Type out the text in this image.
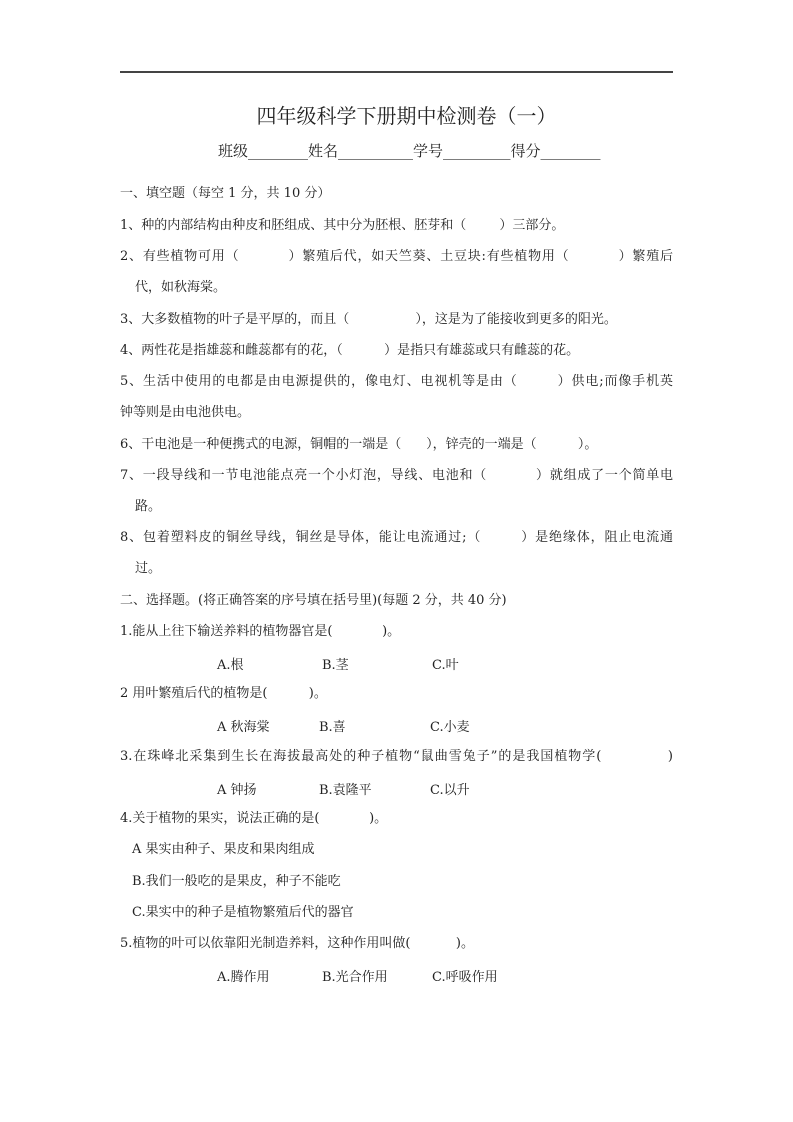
四年级科学下册期中检测卷（一）
班级________姓名__________学号_________得分________
一、填空题（每空 1 分，共 10 分）
1、种的内部结构由种皮和胚组成、其中分为胚根、胚芽和（        ）三部分。
2、有些植物可用（          ）繁殖后代，如天竺葵、土豆块:有些植物用（          ）繁殖后
代，如秋海棠。
3、大多数植物的叶子是平厚的，而且（                ），这是为了能接收到更多的阳光。
4、两性花是指雄蕊和雌蕊都有的花，（          ）是指只有雄蕊或只有雌蕊的花。
5、生活中使用的电都是由电源提供的，像电灯、电视机等是由（        ）供电;而像手机英
钟等则是由电池供电。
6、干电池是一种便携式的电源，铜帽的一端是（      ），锌壳的一端是（          ）。
7、一段导线和一节电池能点亮一个小灯泡，导线、电池和（          ）就组成了一个简单电
路。
8、包着塑料皮的铜丝导线，铜丝是导体，能让电流通过;（        ）是绝缘体，阻止电流通
过。
二、选择题。(将正确答案的序号填在括号里)(每题 2 分，共 40 分)
1.能从上往下输送养料的植物器官是(            )。
A.根	B.茎	C.叶
2 用叶繁殖后代的植物是(          )。
A 秋海棠	B.喜	C.小麦
3.在珠峰北采集到生长在海拔最高处的种子植物“鼠曲雪兔子”的是我国植物学(             )
A 钟扬	B.袁隆平	C.以升
4.关于植物的果实，说法正确的是(            )。
A 果实由种子、果皮和果肉组成
B.我们一般吃的是果皮，种子不能吃
C.果实中的种子是植物繁殖后代的器官
5.植物的叶可以依靠阳光制造养料，这种作用叫做(           )。
A.腾作用	B.光合作用	C.呼吸作用
